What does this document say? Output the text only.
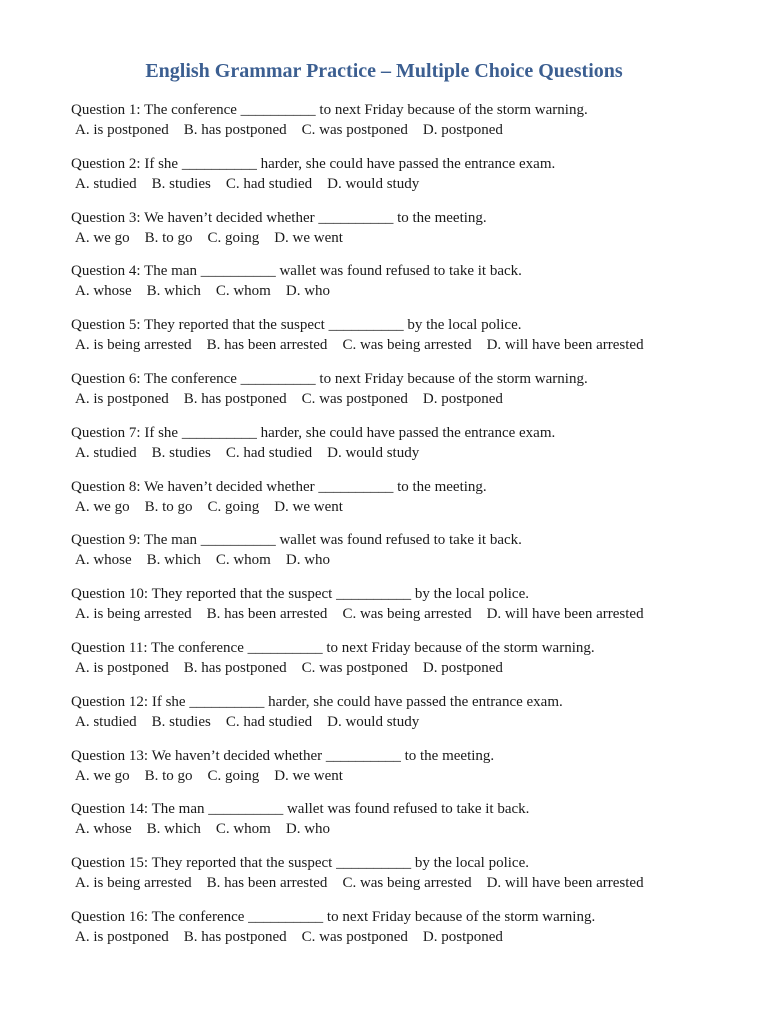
English Grammar Practice – Multiple Choice Questions
Question 1: The conference __________ to next Friday because of the storm warning.
A. is postponed B. has postponed C. was postponed D. postponed
Question 2: If she __________ harder, she could have passed the entrance exam.
A. studied B. studies C. had studied D. would study
Question 3: We haven’t decided whether __________ to the meeting.
A. we go B. to go C. going D. we went
Question 4: The man __________ wallet was found refused to take it back.
A. whose B. which C. whom D. who
Question 5: They reported that the suspect __________ by the local police.
A. is being arrested B. has been arrested C. was being arrested D. will have been arrested
Question 6: The conference __________ to next Friday because of the storm warning.
A. is postponed B. has postponed C. was postponed D. postponed
Question 7: If she __________ harder, she could have passed the entrance exam.
A. studied B. studies C. had studied D. would study
Question 8: We haven’t decided whether __________ to the meeting.
A. we go B. to go C. going D. we went
Question 9: The man __________ wallet was found refused to take it back.
A. whose B. which C. whom D. who
Question 10: They reported that the suspect __________ by the local police.
A. is being arrested B. has been arrested C. was being arrested D. will have been arrested
Question 11: The conference __________ to next Friday because of the storm warning.
A. is postponed B. has postponed C. was postponed D. postponed
Question 12: If she __________ harder, she could have passed the entrance exam.
A. studied B. studies C. had studied D. would study
Question 13: We haven’t decided whether __________ to the meeting.
A. we go B. to go C. going D. we went
Question 14: The man __________ wallet was found refused to take it back.
A. whose B. which C. whom D. who
Question 15: They reported that the suspect __________ by the local police.
A. is being arrested B. has been arrested C. was being arrested D. will have been arrested
Question 16: The conference __________ to next Friday because of the storm warning.
A. is postponed B. has postponed C. was postponed D. postponed
